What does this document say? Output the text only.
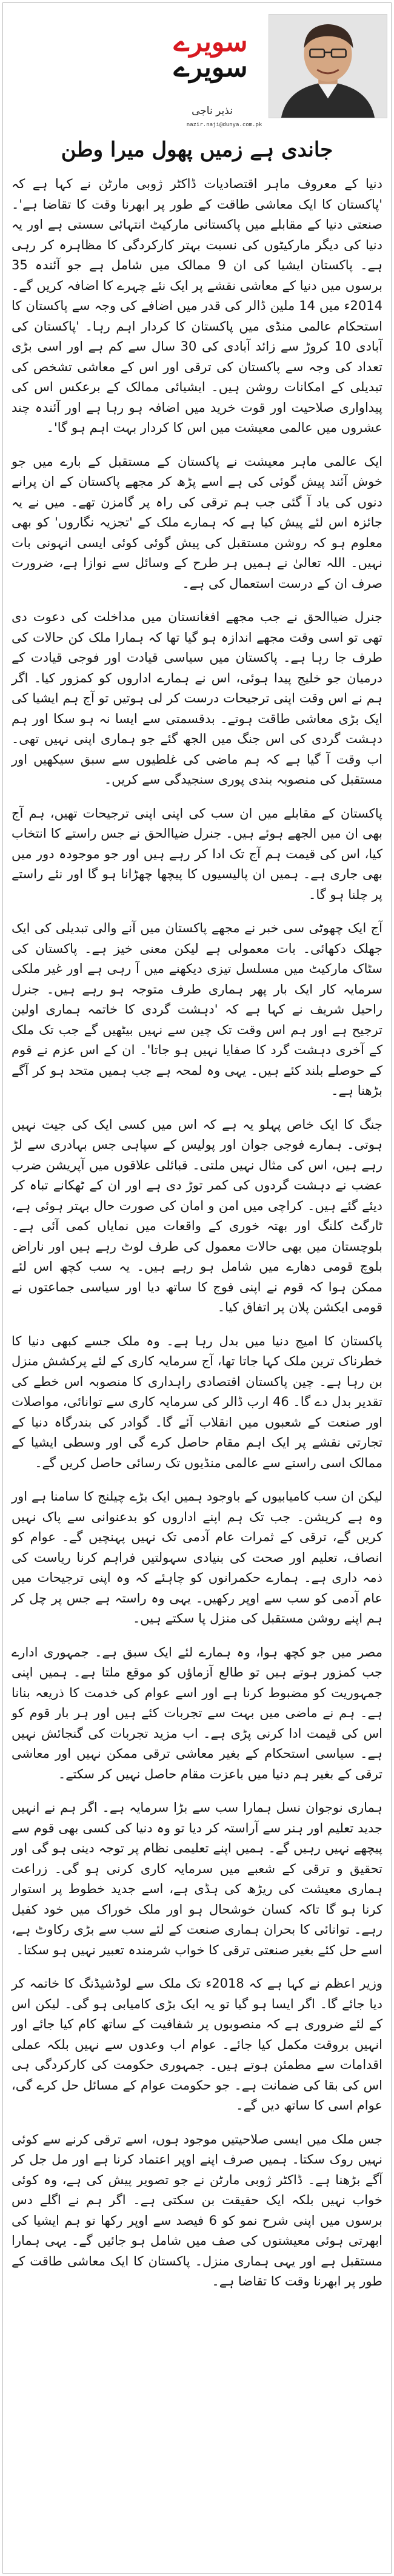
سویرے
سویرے
نذیر ناجی
nazir.naji@dunya.com.pk
جاندی ہے زمیں پھول میرا وطن

دنیا کے معروف ماہر اقتصادیات ڈاکٹر ژوبی مارٹن نے کہا ہے کہ 'پاکستان کا ایک معاشی طاقت کے طور پر ابھرنا وقت کا تقاضا ہے'۔ صنعتی دنیا کے مقابلے میں پاکستانی مارکیٹ انتہائی سستی ہے اور یہ دنیا کی دیگر مارکیٹوں کی نسبت بہتر کارکردگی کا مظاہرہ کر رہی ہے۔ پاکستان ایشیا کی ان 9 ممالک میں شامل ہے جو آئندہ 35 برسوں میں دنیا کے معاشی نقشے پر ایک نئے چہرے کا اضافہ کریں گے۔ 2014ء میں 14 ملین ڈالر کی قدر میں اضافے کی وجہ سے پاکستان کا استحکام عالمی منڈی میں پاکستان کا کردار اہم رہا۔ 'پاکستان کی آبادی 10 کروڑ سے زائد آبادی کی 30 سال سے کم ہے اور اسی بڑی تعداد کی وجہ سے پاکستان کی ترقی اور اس کے معاشی تشخص کی تبدیلی کے امکانات روشن ہیں۔ ایشیائی ممالک کے برعکس اس کی پیداواری صلاحیت اور قوت خرید میں اضافہ ہو رہا ہے اور آئندہ چند عشروں میں عالمی معیشت میں اس کا کردار بہت اہم ہو گا'۔

ایک عالمی ماہر معیشت نے پاکستان کے مستقبل کے بارے میں جو خوش آئند پیش گوئی کی ہے اسے پڑھ کر مجھے پاکستان کے ان پرانے دنوں کی یاد آ گئی جب ہم ترقی کی راہ پر گامزن تھے۔ میں نے یہ جائزہ اس لئے پیش کیا ہے کہ ہمارے ملک کے 'تجزیہ نگاروں' کو بھی معلوم ہو کہ روشن مستقبل کی پیش گوئی کوئی ایسی انہونی بات نہیں۔ اللہ تعالیٰ نے ہمیں ہر طرح کے وسائل سے نوازا ہے، ضرورت صرف ان کے درست استعمال کی ہے۔

جنرل ضیاالحق نے جب مجھے افغانستان میں مداخلت کی دعوت دی تھی تو اسی وقت مجھے اندازہ ہو گیا تھا کہ ہمارا ملک کن حالات کی طرف جا رہا ہے۔ پاکستان میں سیاسی قیادت اور فوجی قیادت کے درمیان جو خلیج پیدا ہوئی، اس نے ہمارے اداروں کو کمزور کیا۔ اگر ہم نے اس وقت اپنی ترجیحات درست کر لی ہوتیں تو آج ہم ایشیا کی ایک بڑی معاشی طاقت ہوتے۔ بدقسمتی سے ایسا نہ ہو سکا اور ہم دہشت گردی کی اس جنگ میں الجھ گئے جو ہماری اپنی نہیں تھی۔ اب وقت آ گیا ہے کہ ہم ماضی کی غلطیوں سے سبق سیکھیں اور مستقبل کی منصوبہ بندی پوری سنجیدگی سے کریں۔

پاکستان کے مقابلے میں ان سب کی اپنی اپنی ترجیحات تھیں، ہم آج بھی ان میں الجھے ہوئے ہیں۔ جنرل ضیاالحق نے جس راستے کا انتخاب کیا، اس کی قیمت ہم آج تک ادا کر رہے ہیں اور جو موجودہ دور میں بھی جاری ہے۔ ہمیں ان پالیسیوں کا پیچھا چھڑانا ہو گا اور نئے راستے پر چلنا ہو گا۔

آج ایک چھوٹی سی خبر نے مجھے پاکستان میں آنے والی تبدیلی کی ایک جھلک دکھائی۔ بات معمولی ہے لیکن معنی خیز ہے۔ پاکستان کی سٹاک مارکیٹ میں مسلسل تیزی دیکھنے میں آ رہی ہے اور غیر ملکی سرمایہ کار ایک بار پھر ہماری طرف متوجہ ہو رہے ہیں۔ جنرل راحیل شریف نے کہا ہے کہ 'دہشت گردی کا خاتمہ ہماری اولین ترجیح ہے اور ہم اس وقت تک چین سے نہیں بیٹھیں گے جب تک ملک کے آخری دہشت گرد کا صفایا نہیں ہو جاتا'۔ ان کے اس عزم نے قوم کے حوصلے بلند کئے ہیں۔ یہی وہ لمحہ ہے جب ہمیں متحد ہو کر آگے بڑھنا ہے۔

جنگ کا ایک خاص پہلو یہ ہے کہ اس میں کسی ایک کی جیت نہیں ہوتی۔ ہمارے فوجی جوان اور پولیس کے سپاہی جس بہادری سے لڑ رہے ہیں، اس کی مثال نہیں ملتی۔ قبائلی علاقوں میں آپریشن ضرب عضب نے دہشت گردوں کی کمر توڑ دی ہے اور ان کے ٹھکانے تباہ کر دیئے گئے ہیں۔ کراچی میں امن و امان کی صورت حال بہتر ہوئی ہے، ٹارگٹ کلنگ اور بھتہ خوری کے واقعات میں نمایاں کمی آئی ہے۔ بلوچستان میں بھی حالات معمول کی طرف لوٹ رہے ہیں اور ناراض بلوچ قومی دھارے میں شامل ہو رہے ہیں۔ یہ سب کچھ اس لئے ممکن ہوا کہ قوم نے اپنی فوج کا ساتھ دیا اور سیاسی جماعتوں نے قومی ایکشن پلان پر اتفاق کیا۔

پاکستان کا امیج دنیا میں بدل رہا ہے۔ وہ ملک جسے کبھی دنیا کا خطرناک ترین ملک کہا جاتا تھا، آج سرمایہ کاری کے لئے پرکشش منزل بن رہا ہے۔ چین پاکستان اقتصادی راہداری کا منصوبہ اس خطے کی تقدیر بدل دے گا۔ 46 ارب ڈالر کی سرمایہ کاری سے توانائی، مواصلات اور صنعت کے شعبوں میں انقلاب آئے گا۔ گوادر کی بندرگاہ دنیا کے تجارتی نقشے پر ایک اہم مقام حاصل کرے گی اور وسطی ایشیا کے ممالک اسی راستے سے عالمی منڈیوں تک رسائی حاصل کریں گے۔

لیکن ان سب کامیابیوں کے باوجود ہمیں ایک بڑے چیلنج کا سامنا ہے اور وہ ہے کرپشن۔ جب تک ہم اپنے اداروں کو بدعنوانی سے پاک نہیں کریں گے، ترقی کے ثمرات عام آدمی تک نہیں پہنچیں گے۔ عوام کو انصاف، تعلیم اور صحت کی بنیادی سہولتیں فراہم کرنا ریاست کی ذمہ داری ہے۔ ہمارے حکمرانوں کو چاہئے کہ وہ اپنی ترجیحات میں عام آدمی کو سب سے اوپر رکھیں۔ یہی وہ راستہ ہے جس پر چل کر ہم اپنے روشن مستقبل کی منزل پا سکتے ہیں۔

مصر میں جو کچھ ہوا، وہ ہمارے لئے ایک سبق ہے۔ جمہوری ادارے جب کمزور ہوتے ہیں تو طالع آزماؤں کو موقع ملتا ہے۔ ہمیں اپنی جمہوریت کو مضبوط کرنا ہے اور اسے عوام کی خدمت کا ذریعہ بنانا ہے۔ ہم نے ماضی میں بہت سے تجربات کئے ہیں اور ہر بار قوم کو اس کی قیمت ادا کرنی پڑی ہے۔ اب مزید تجربات کی گنجائش نہیں ہے۔ سیاسی استحکام کے بغیر معاشی ترقی ممکن نہیں اور معاشی ترقی کے بغیر ہم دنیا میں باعزت مقام حاصل نہیں کر سکتے۔

ہماری نوجوان نسل ہمارا سب سے بڑا سرمایہ ہے۔ اگر ہم نے انہیں جدید تعلیم اور ہنر سے آراستہ کر دیا تو وہ دنیا کی کسی بھی قوم سے پیچھے نہیں رہیں گے۔ ہمیں اپنے تعلیمی نظام پر توجہ دینی ہو گی اور تحقیق و ترقی کے شعبے میں سرمایہ کاری کرنی ہو گی۔ زراعت ہماری معیشت کی ریڑھ کی ہڈی ہے، اسے جدید خطوط پر استوار کرنا ہو گا تاکہ کسان خوشحال ہو اور ملک خوراک میں خود کفیل رہے۔ توانائی کا بحران ہماری صنعت کے لئے سب سے بڑی رکاوٹ ہے، اسے حل کئے بغیر صنعتی ترقی کا خواب شرمندہ تعبیر نہیں ہو سکتا۔

وزیر اعظم نے کہا ہے کہ 2018ء تک ملک سے لوڈشیڈنگ کا خاتمہ کر دیا جائے گا۔ اگر ایسا ہو گیا تو یہ ایک بڑی کامیابی ہو گی۔ لیکن اس کے لئے ضروری ہے کہ منصوبوں پر شفافیت کے ساتھ کام کیا جائے اور انہیں بروقت مکمل کیا جائے۔ عوام اب وعدوں سے نہیں بلکہ عملی اقدامات سے مطمئن ہوتے ہیں۔ جمہوری حکومت کی کارکردگی ہی اس کی بقا کی ضمانت ہے۔ جو حکومت عوام کے مسائل حل کرے گی، عوام اسی کا ساتھ دیں گے۔

جس ملک میں ایسی صلاحیتیں موجود ہوں، اسے ترقی کرنے سے کوئی نہیں روک سکتا۔ ہمیں صرف اپنے اوپر اعتماد کرنا ہے اور مل جل کر آگے بڑھنا ہے۔ ڈاکٹر ژوبی مارٹن نے جو تصویر پیش کی ہے، وہ کوئی خواب نہیں بلکہ ایک حقیقت بن سکتی ہے۔ اگر ہم نے اگلے دس برسوں میں اپنی شرح نمو کو 6 فیصد سے اوپر رکھا تو ہم ایشیا کی ابھرتی ہوئی معیشتوں کی صف میں شامل ہو جائیں گے۔ یہی ہمارا مستقبل ہے اور یہی ہماری منزل۔ پاکستان کا ایک معاشی طاقت کے طور پر ابھرنا وقت کا تقاضا ہے۔
